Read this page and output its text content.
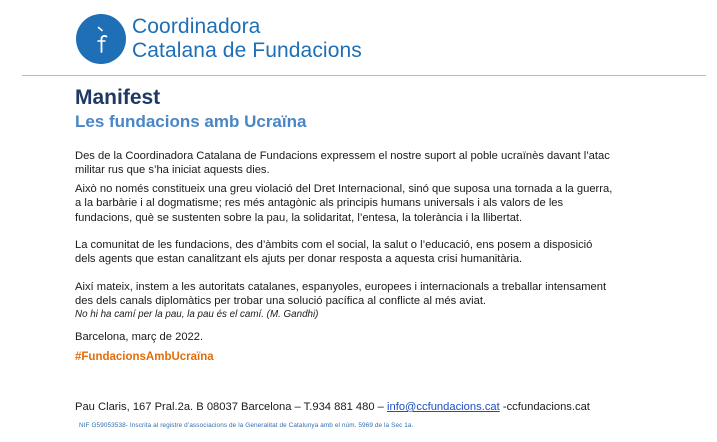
Coordinadora
Catalana de Fundacions
Manifest
Les fundacions amb Ucraïna

Des de la Coordinadora Catalana de Fundacions expressem el nostre suport al poble ucraïnès davant l’atac militar rus que s’ha iniciat aquests dies.

Això no només constitueix una greu violació del Dret Internacional, sinó que suposa una tornada a la guerra, a la barbàrie i al dogmatisme; res més antagònic als principis humans universals i als valors de les fundacions, què se sustenten sobre la pau, la solidaritat, l’entesa, la tolerància i la llibertat.

La comunitat de les fundacions, des d’àmbits com el social, la salut o l’educació, ens posem a disposició dels agents que estan canalitzant els ajuts per donar resposta a aquesta crisi humanitària.

Així mateix, instem a les autoritats catalanes, espanyoles, europees i internacionals a treballar intensament des dels canals diplomàtics per trobar una solució pacífica al conflicte al més aviat.

No hi ha camí per la pau, la pau és el camí. (M. Gandhi)
Barcelona, març de 2022.
#FundacionsAmbUcraïna
Pau Claris, 167 Pral.2a. B 08037 Barcelona – T.934 881 480 – info@ccfundacions.cat -ccfundacions.cat
NIF G59053538- Inscrita al registre d’associacions de la Generalitat de Catalunya amb el núm. 5969 de la Sec 1a.
